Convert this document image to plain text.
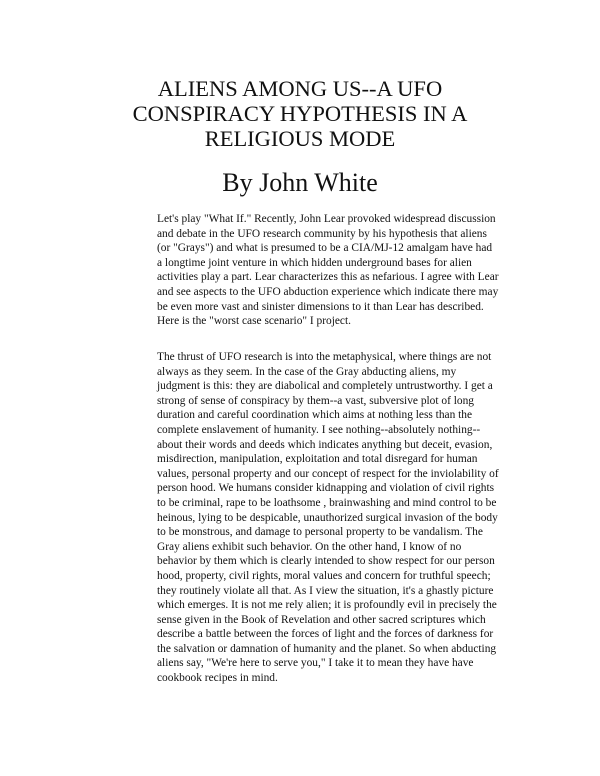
ALIENS AMONG US--A UFO
CONSPIRACY HYPOTHESIS IN A
RELIGIOUS MODE
By John White
Let's play "What If." Recently, John Lear provoked widespread discussion
and debate in the UFO research community by his hypothesis that aliens
(or "Grays") and what is presumed to be a CIA/MJ-12 amalgam have had
a longtime joint venture in which hidden underground bases for alien
activities play a part. Lear characterizes this as nefarious. I agree with Lear
and see aspects to the UFO abduction experience which indicate there may
be even more vast and sinister dimensions to it than Lear has described.
Here is the "worst case scenario" I project.
The thrust of UFO research is into the metaphysical, where things are not
always as they seem. In the case of the Gray abducting aliens, my
judgment is this: they are diabolical and completely untrustworthy. I get a
strong of sense of conspiracy by them--a vast, subversive plot of long
duration and careful coordination which aims at nothing less than the
complete enslavement of humanity. I see nothing--absolutely nothing--
about their words and deeds which indicates anything but deceit, evasion,
misdirection, manipulation, exploitation and total disregard for human
values, personal property and our concept of respect for the inviolability of
person hood. We humans consider kidnapping and violation of civil rights
to be criminal, rape to be loathsome , brainwashing and mind control to be
heinous, lying to be despicable, unauthorized surgical invasion of the body
to be monstrous, and damage to personal property to be vandalism. The
Gray aliens exhibit such behavior. On the other hand, I know of no
behavior by them which is clearly intended to show respect for our person
hood, property, civil rights, moral values and concern for truthful speech;
they routinely violate all that. As I view the situation, it's a ghastly picture
which emerges. It is not me rely alien; it is profoundly evil in precisely the
sense given in the Book of Revelation and other sacred scriptures which
describe a battle between the forces of light and the forces of darkness for
the salvation or damnation of humanity and the planet. So when abducting
aliens say, "We're here to serve you," I take it to mean they have have
cookbook recipes in mind.
